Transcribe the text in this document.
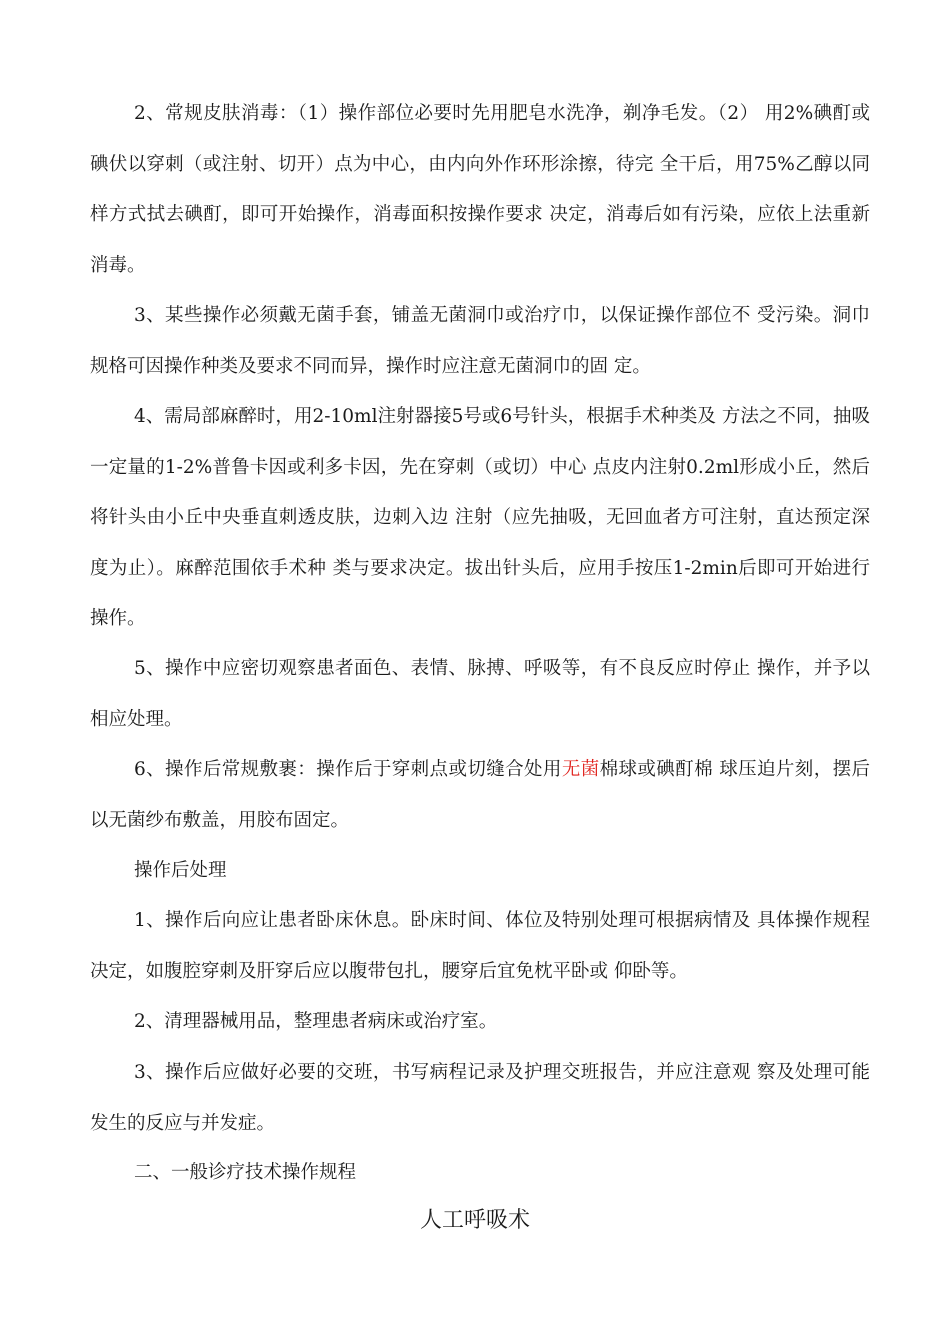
2、常规皮肤消毒：（1）操作部位必要时先用肥皂水洗净，剃净毛发。（2） 用2%碘酊或碘伏以穿刺（或注射、切开）点为中心，由内向外作环形涂擦，待完 全干后，用75%乙醇以同样方式拭去碘酊，即可开始操作，消毒面积按操作要求 决定，消毒后如有污染，应依上法重新消毒。

3、某些操作必须戴无菌手套，铺盖无菌洞巾或治疗巾，以保证操作部位不 受污染。洞巾规格可因操作种类及要求不同而异，操作时应注意无菌洞巾的固 定。

4、需局部麻醉时，用2-10ml注射器接5号或6号针头，根据手术种类及 方法之不同，抽吸一定量的1-2%普鲁卡因或利多卡因，先在穿刺（或切）中心 点皮内注射0.2ml形成小丘，然后将针头由小丘中央垂直刺透皮肤，边刺入边 注射（应先抽吸，无回血者方可注射，直达预定深度为止）。麻醉范围依手术种 类与要求决定。拔出针头后，应用手按压1-2min后即可开始进行操作。

5、操作中应密切观察患者面色、表情、脉搏、呼吸等，有不良反应时停止 操作，并予以相应处理。

6、操作后常规敷裹：操作后于穿刺点或切缝合处用无菌棉球或碘酊棉 球压迫片刻，摆后以无菌纱布敷盖，用胶布固定。

操作后处理

1、操作后向应让患者卧床休息。卧床时间、体位及特别处理可根据病情及 具体操作规程决定，如腹腔穿刺及肝穿后应以腹带包扎，腰穿后宜免枕平卧或 仰卧等。

2、清理器械用品，整理患者病床或治疗室。

3、操作后应做好必要的交班，书写病程记录及护理交班报告，并应注意观 察及处理可能发生的反应与并发症。

二、一般诊疗技术操作规程

人工呼吸术
